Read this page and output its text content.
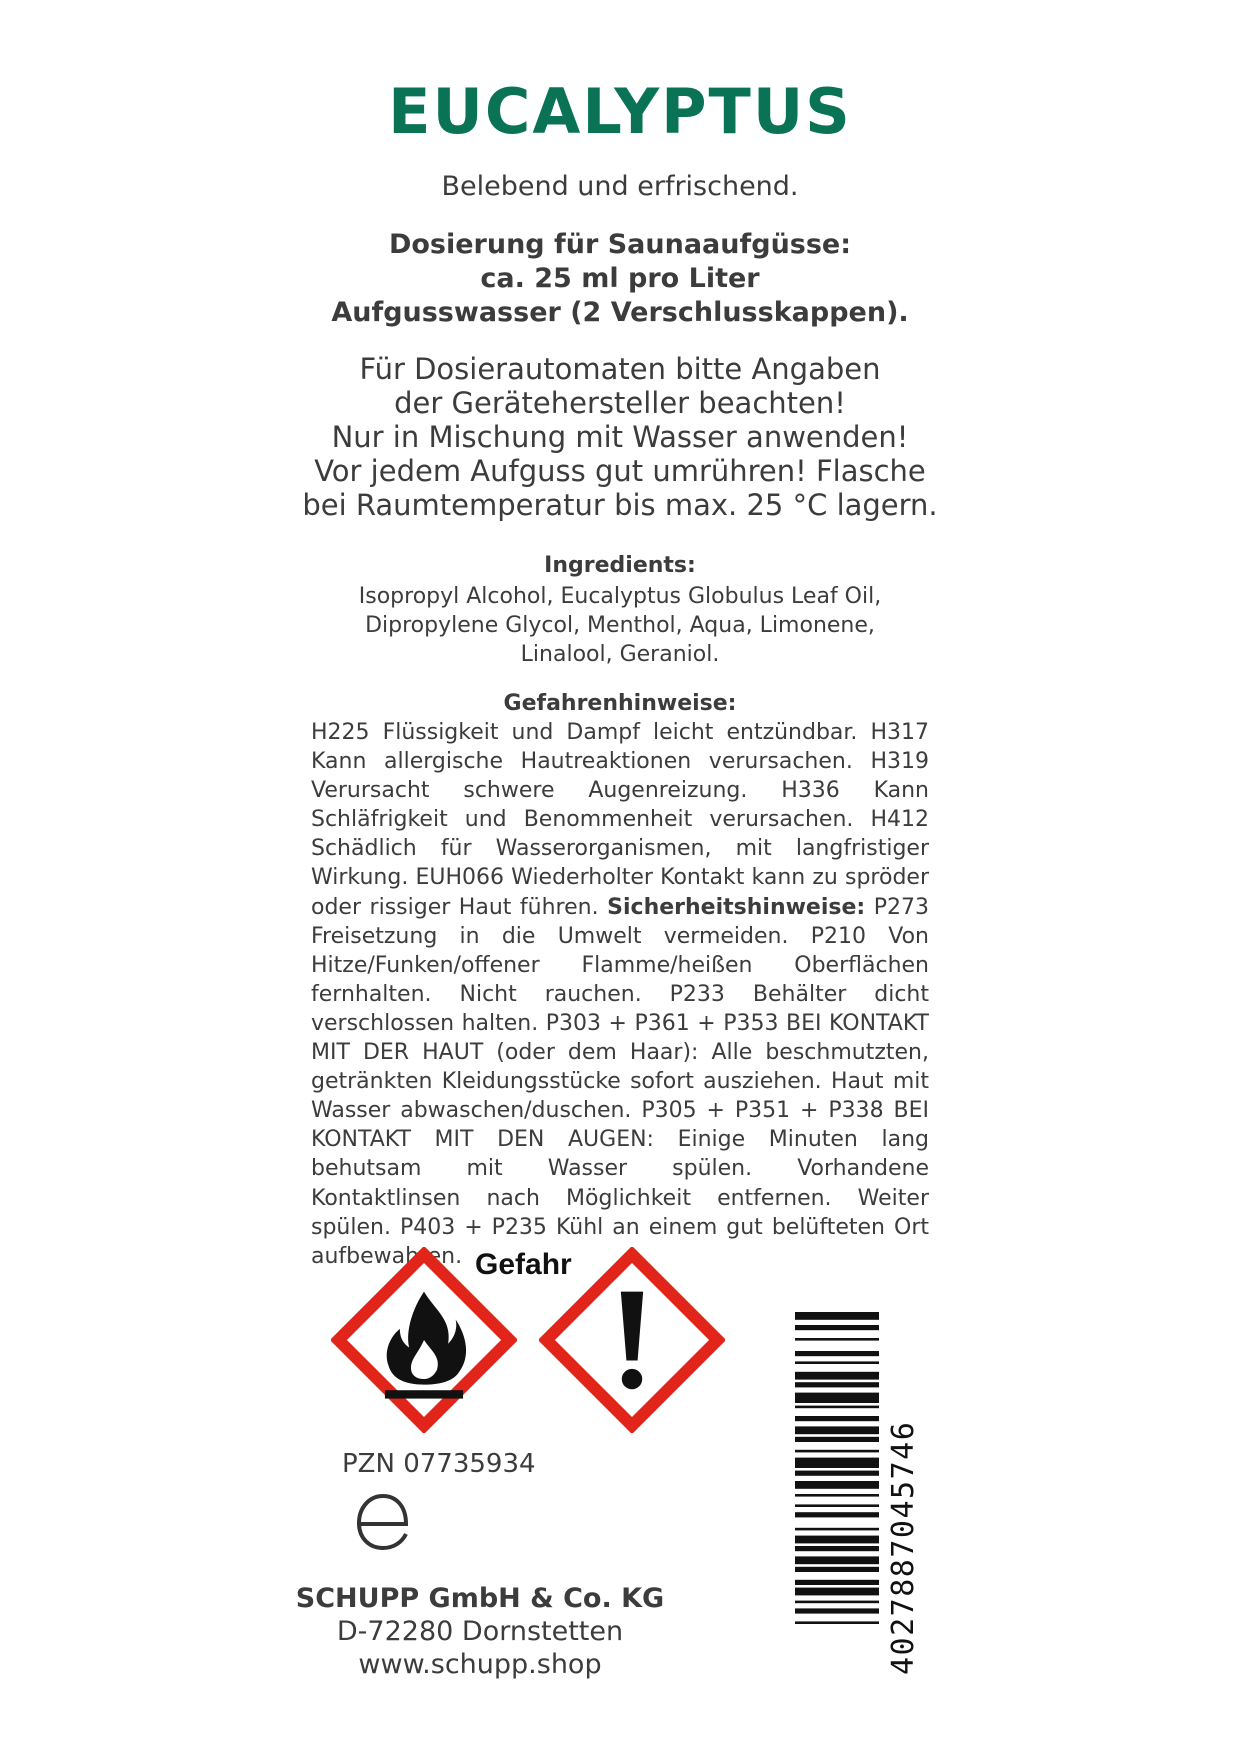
EUCALYPTUS
Belebend und erfrischend.
Dosierung für Saunaaufgüsse:
ca. 25 ml pro Liter
Aufgusswasser (2 Verschlusskappen).
Für Dosierautomaten bitte Angaben
der Gerätehersteller beachten!
Nur in Mischung mit Wasser anwenden!
Vor jedem Aufguss gut umrühren! Flasche
bei Raumtemperatur bis max. 25 °C lagern.
Ingredients:
Isopropyl Alcohol, Eucalyptus Globulus Leaf Oil,
Dipropylene Glycol, Menthol, Aqua, Limonene,
Linalool, Geraniol.
Gefahrenhinweise:
H225 Flüssigkeit und Dampf leicht entzündbar. H317 Kann allergische Hautreaktionen verursachen. H319 Verursacht schwere Augenreizung. H336 Kann Schläfrigkeit und Benommenheit verursachen. H412 Schädlich für Wasserorganismen, mit langfristiger Wirkung. EUH066 Wiederholter Kontakt kann zu spröder oder rissiger Haut führen. Sicherheitshinweise: P273 Freisetzung in die Umwelt vermeiden. P210 Von Hitze/Funken/offener Flamme/heißen Oberflächen fernhalten. Nicht rauchen. P233 Behälter dicht verschlossen halten. P303 + P361 + P353 BEI KONTAKT MIT DER HAUT (oder dem Haar): Alle beschmutzten, getränkten Kleidungsstücke sofort ausziehen. Haut mit Wasser abwaschen/duschen. P305 + P351 + P338 BEI KONTAKT MIT DEN AUGEN: Einige Minuten lang behutsam mit Wasser spülen. Vorhandene Kontaktlinsen nach Möglichkeit entfernen. Weiter spülen. P403 + P235 Kühl an einem gut belüfteten Ort aufbewahren. Gefahr
PZN 07735934
SCHUPP GmbH & Co. KG
D-72280 Dornstetten
www.schupp.shop	4027887045746
